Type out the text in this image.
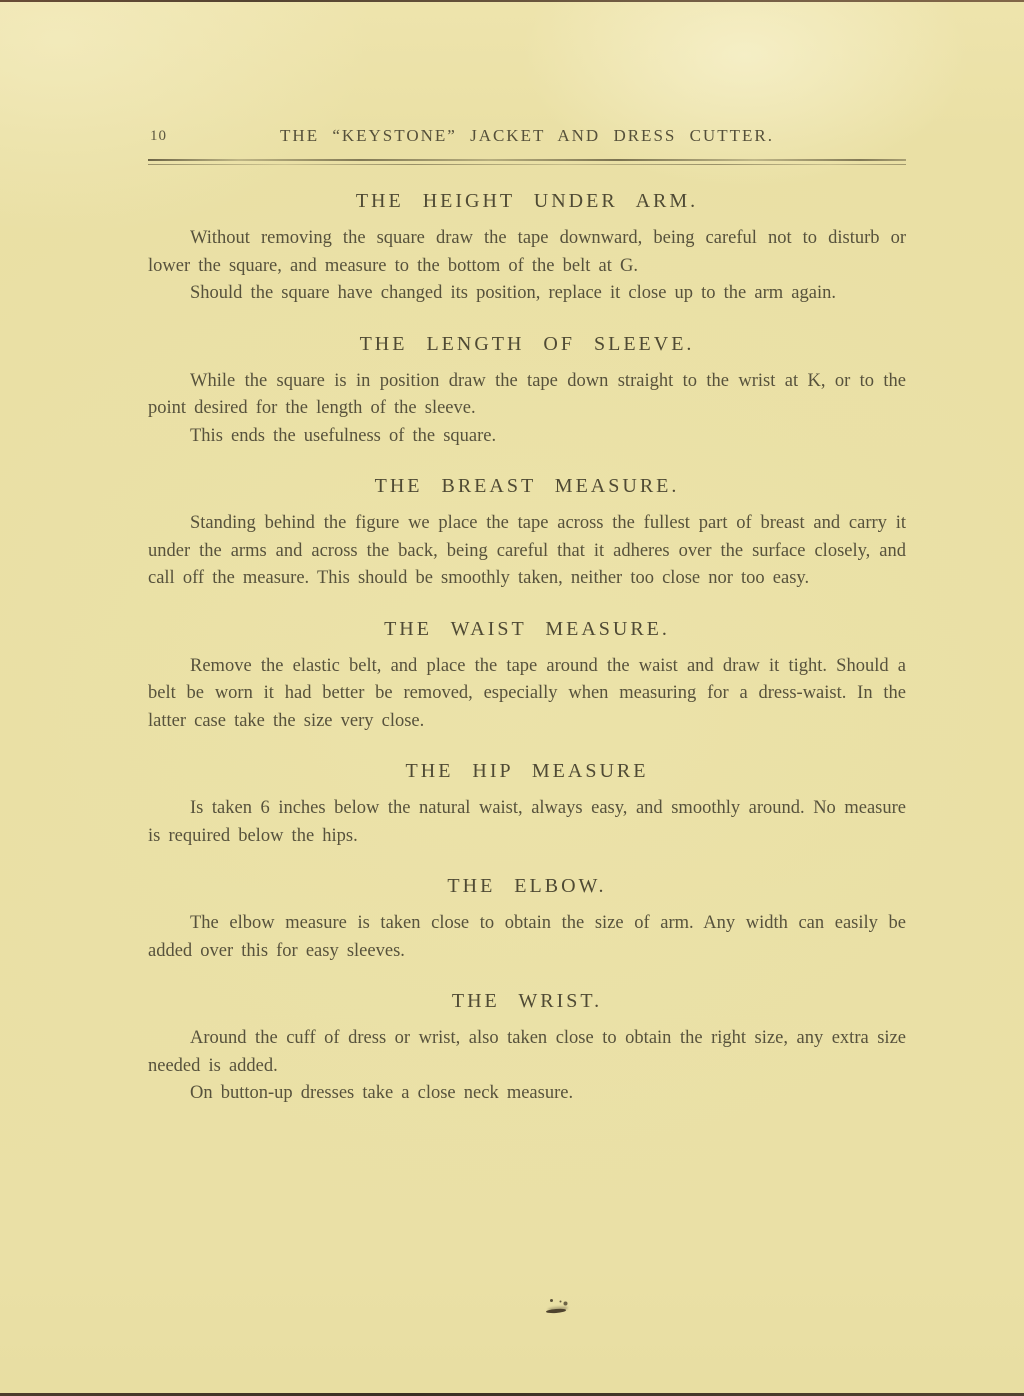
10	THE “KEYSTONE” JACKET AND DRESS CUTTER.
THE HEIGHT UNDER ARM.

Without removing the square draw the tape downward, being careful not to disturb or lower the square, and measure to the bottom of the belt at G.

Should the square have changed its position, replace it close up to the arm again.

THE LENGTH OF SLEEVE.

While the square is in position draw the tape down straight to the wrist at K, or to the point desired for the length of the sleeve.

This ends the usefulness of the square.

THE BREAST MEASURE.

Standing behind the figure we place the tape across the fullest part of breast and carry it under the arms and across the back, being careful that it adheres over the surface closely, and call off the measure. This should be smoothly taken, neither too close nor too easy.

THE WAIST MEASURE.

Remove the elastic belt, and place the tape around the waist and draw it tight. Should a belt be worn it had better be removed, especially when measuring for a dress-waist. In the latter case take the size very close.

THE HIP MEASURE

Is taken 6 inches below the natural waist, always easy, and smoothly around. No measure is required below the hips.

THE ELBOW.

The elbow measure is taken close to obtain the size of arm. Any width can easily be added over this for easy sleeves.

THE WRIST.

Around the cuff of dress or wrist, also taken close to obtain the right size, any extra size needed is added.

On button-up dresses take a close neck measure.
